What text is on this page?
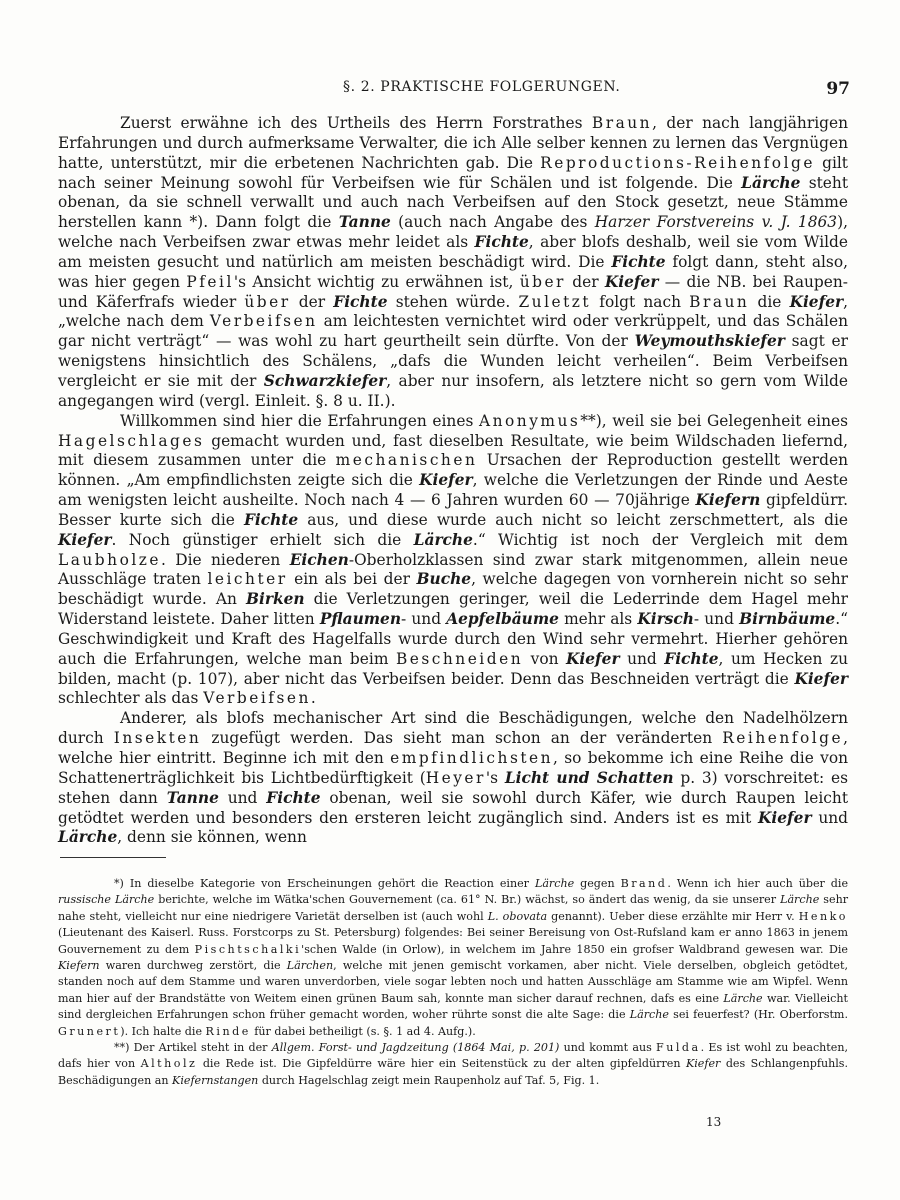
§. 2. PRAKTISCHE FOLGERUNGEN.	97

Zuerst erwähne ich des Urtheils des Herrn Forstrathes Braun, der nach langjährigen Erfahrungen und durch aufmerksame Verwalter, die ich Alle selber kennen zu lernen das Vergnügen hatte, unterstützt, mir die erbetenen Nachrichten gab. Die Reproductions-Reihenfolge gilt nach seiner Meinung sowohl für Verbeifsen wie für Schälen und ist folgende. Die Lärche steht obenan, da sie schnell verwallt und auch nach Verbeifsen auf den Stock gesetzt, neue Stämme herstellen kann *). Dann folgt die Tanne (auch nach Angabe des Harzer Forstvereins v. J. 1863), welche nach Verbeifsen zwar etwas mehr leidet als Fichte, aber blofs deshalb, weil sie vom Wilde am meisten gesucht und natürlich am meisten beschädigt wird. Die Fichte folgt dann, steht also, was hier gegen Pfeil's Ansicht wichtig zu erwähnen ist, über der Kiefer — die NB. bei Raupen- und Käferfrafs wieder über der Fichte stehen würde. Zuletzt folgt nach Braun die Kiefer, „welche nach dem Verbeifsen am leichtesten vernichtet wird oder verkrüppelt, und das Schälen gar nicht verträgt“ — was wohl zu hart geurtheilt sein dürfte. Von der Weymouthskiefer sagt er wenigstens hinsichtlich des Schälens, „dafs die Wunden leicht verheilen“. Beim Verbeifsen vergleicht er sie mit der Schwarzkiefer, aber nur insofern, als letztere nicht so gern vom Wilde angegangen wird (vergl. Einleit. §. 8 u. II.).

Willkommen sind hier die Erfahrungen eines Anonymus**), weil sie bei Gelegenheit eines Hagelschlages gemacht wurden und, fast dieselben Resultate, wie beim Wildschaden liefernd, mit diesem zusammen unter die mechanischen Ursachen der Reproduction gestellt werden können. „Am empfindlichsten zeigte sich die Kiefer, welche die Verletzungen der Rinde und Aeste am wenigsten leicht ausheilte. Noch nach 4 — 6 Jahren wurden 60 — 70jährige Kiefern gipfeldürr. Besser kurte sich die Fichte aus, und diese wurde auch nicht so leicht zerschmettert, als die Kiefer. Noch günstiger erhielt sich die Lärche.“ Wichtig ist noch der Vergleich mit dem Laubholze. Die niederen Eichen-Oberholzklassen sind zwar stark mitgenommen, allein neue Ausschläge traten leichter ein als bei der Buche, welche dagegen von vornherein nicht so sehr beschädigt wurde. An Birken die Verletzungen geringer, weil die Lederrinde dem Hagel mehr Widerstand leistete. Daher litten Pflaumen- und Aepfelbäume mehr als Kirsch- und Birnbäume.“ Geschwindigkeit und Kraft des Hagelfalls wurde durch den Wind sehr vermehrt. Hierher gehören auch die Erfahrungen, welche man beim Beschneiden von Kiefer und Fichte, um Hecken zu bilden, macht (p. 107), aber nicht das Verbeifsen beider. Denn das Beschneiden verträgt die Kiefer schlechter als das Verbeifsen.

Anderer, als blofs mechanischer Art sind die Beschädigungen, welche den Nadelhölzern durch Insekten zugefügt werden. Das sieht man schon an der veränderten Reihenfolge, welche hier eintritt. Beginne ich mit den empfindlichsten, so bekomme ich eine Reihe die von Schattenerträglichkeit bis Lichtbedürftigkeit (Heyer's Licht und Schatten p. 3) vorschreitet: es stehen dann Tanne und Fichte obenan, weil sie sowohl durch Käfer, wie durch Raupen leicht getödtet werden und besonders den ersteren leicht zugänglich sind. Anders ist es mit Kiefer und Lärche, denn sie können, wenn

*) In dieselbe Kategorie von Erscheinungen gehört die Reaction einer Lärche gegen Brand. Wenn ich hier auch über die russische Lärche berichte, welche im Wätka'schen Gouvernement (ca. 61° N. Br.) wächst, so ändert das wenig, da sie unserer Lärche sehr nahe steht, vielleicht nur eine niedrigere Varietät derselben ist (auch wohl L. obovata genannt). Ueber diese erzählte mir Herr v. Henko (Lieutenant des Kaiserl. Russ. Forstcorps zu St. Petersburg) folgendes: Bei seiner Bereisung von Ost-Rufsland kam er anno 1863 in jenem Gouvernement zu dem Pischtschalki'schen Walde (in Orlow), in welchem im Jahre 1850 ein grofser Waldbrand gewesen war. Die Kiefern waren durchweg zerstört, die Lärchen, welche mit jenen gemischt vorkamen, aber nicht. Viele derselben, obgleich getödtet, standen noch auf dem Stamme und waren unverdorben, viele sogar lebten noch und hatten Ausschläge am Stamme wie am Wipfel. Wenn man hier auf der Brandstätte von Weitem einen grünen Baum sah, konnte man sicher darauf rechnen, dafs es eine Lärche war. Vielleicht sind dergleichen Erfahrungen schon früher gemacht worden, woher rührte sonst die alte Sage: die Lärche sei feuerfest? (Hr. Oberforstm. Grunert). Ich halte die Rinde für dabei betheiligt (s. §. 1 ad 4. Aufg.).

**) Der Artikel steht in der Allgem. Forst- und Jagdzeitung (1864 Mai, p. 201) und kommt aus Fulda. Es ist wohl zu beachten, dafs hier von Altholz die Rede ist. Die Gipfeldürre wäre hier ein Seitenstück zu der alten gipfeldürren Kiefer des Schlangenpfuhls. Beschädigungen an Kiefernstangen durch Hagelschlag zeigt mein Raupenholz auf Taf. 5, Fig. 1.

13
